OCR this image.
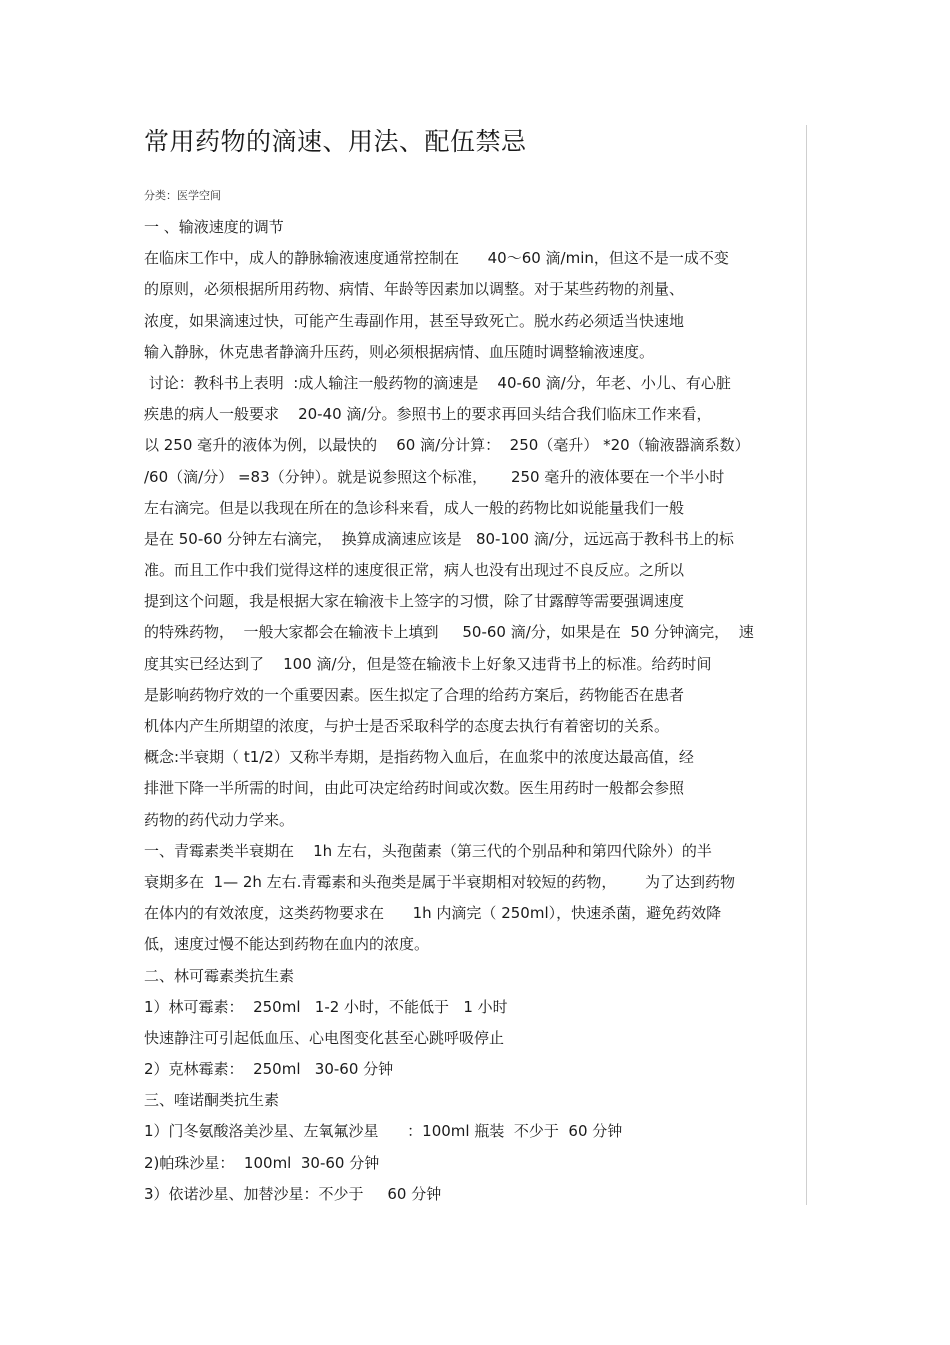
常用药物的滴速、用法、配伍禁忌
分类：医学空间
一 、输液速度的调节
在临床工作中，成人的静脉输液速度通常控制在      40～60 滴/min，但这不是一成不变
的原则，必须根据所用药物、病情、年龄等因素加以调整。对于某些药物的剂量、
浓度，如果滴速过快，可能产生毒副作用，甚至导致死亡。脱水药必须适当快速地
输入静脉，休克患者静滴升压药，则必须根据病情、血压随时调整输液速度。
讨论：教科书上表明  :成人输注一般药物的滴速是    40-60 滴/分，年老、小儿、有心脏
疾患的病人一般要求    20-40 滴/分。参照书上的要求再回头结合我们临床工作来看，
以 250 毫升的液体为例，以最快的    60 滴/分计算：  250（毫升） *20（输液器滴系数）
/60（滴/分） =83（分钟）。就是说参照这个标准，     250 毫升的液体要在一个半小时
左右滴完。但是以我现在所在的急诊科来看，成人一般的药物比如说能量我们一般
是在 50-60 分钟左右滴完，  换算成滴速应该是   80-100 滴/分，远远高于教科书上的标
准。而且工作中我们觉得这样的速度很正常，病人也没有出现过不良反应。之所以
提到这个问题，我是根据大家在输液卡上签字的习惯，除了甘露醇等需要强调速度
的特殊药物，  一般大家都会在输液卡上填到     50-60 滴/分，如果是在  50 分钟滴完，  速
度其实已经达到了    100 滴/分，但是签在输液卡上好象又违背书上的标准。给药时间
是影响药物疗效的一个重要因素。医生拟定了合理的给药方案后，药物能否在患者
机体内产生所期望的浓度，与护士是否采取科学的态度去执行有着密切的关系。
概念:半衰期（ t1/2）又称半寿期，是指药物入血后，在血浆中的浓度达最高值，经
排泄下降一半所需的时间，由此可决定给药时间或次数。医生用药时一般都会参照
药物的药代动力学来。
一、青霉素类半衰期在    1h 左右，头孢菌素（第三代的个别品种和第四代除外）的半
衰期多在  1— 2h 左右.青霉素和头孢类是属于半衰期相对较短的药物，      为了达到药物
在体内的有效浓度，这类药物要求在      1h 内滴完（ 250ml），快速杀菌，避免药效降
低，速度过慢不能达到药物在血内的浓度。
二、林可霉素类抗生素
1）林可霉素：  250ml   1-2 小时，不能低于   1 小时
快速静注可引起低血压、心电图变化甚至心跳呼吸停止
2）克林霉素：  250ml   30-60 分钟
三、喹诺酮类抗生素
1）门冬氨酸洛美沙星、左氧氟沙星      ：100ml 瓶装  不少于  60 分钟
2)帕珠沙星：  100ml  30-60 分钟
3）依诺沙星、加替沙星：不少于     60 分钟
